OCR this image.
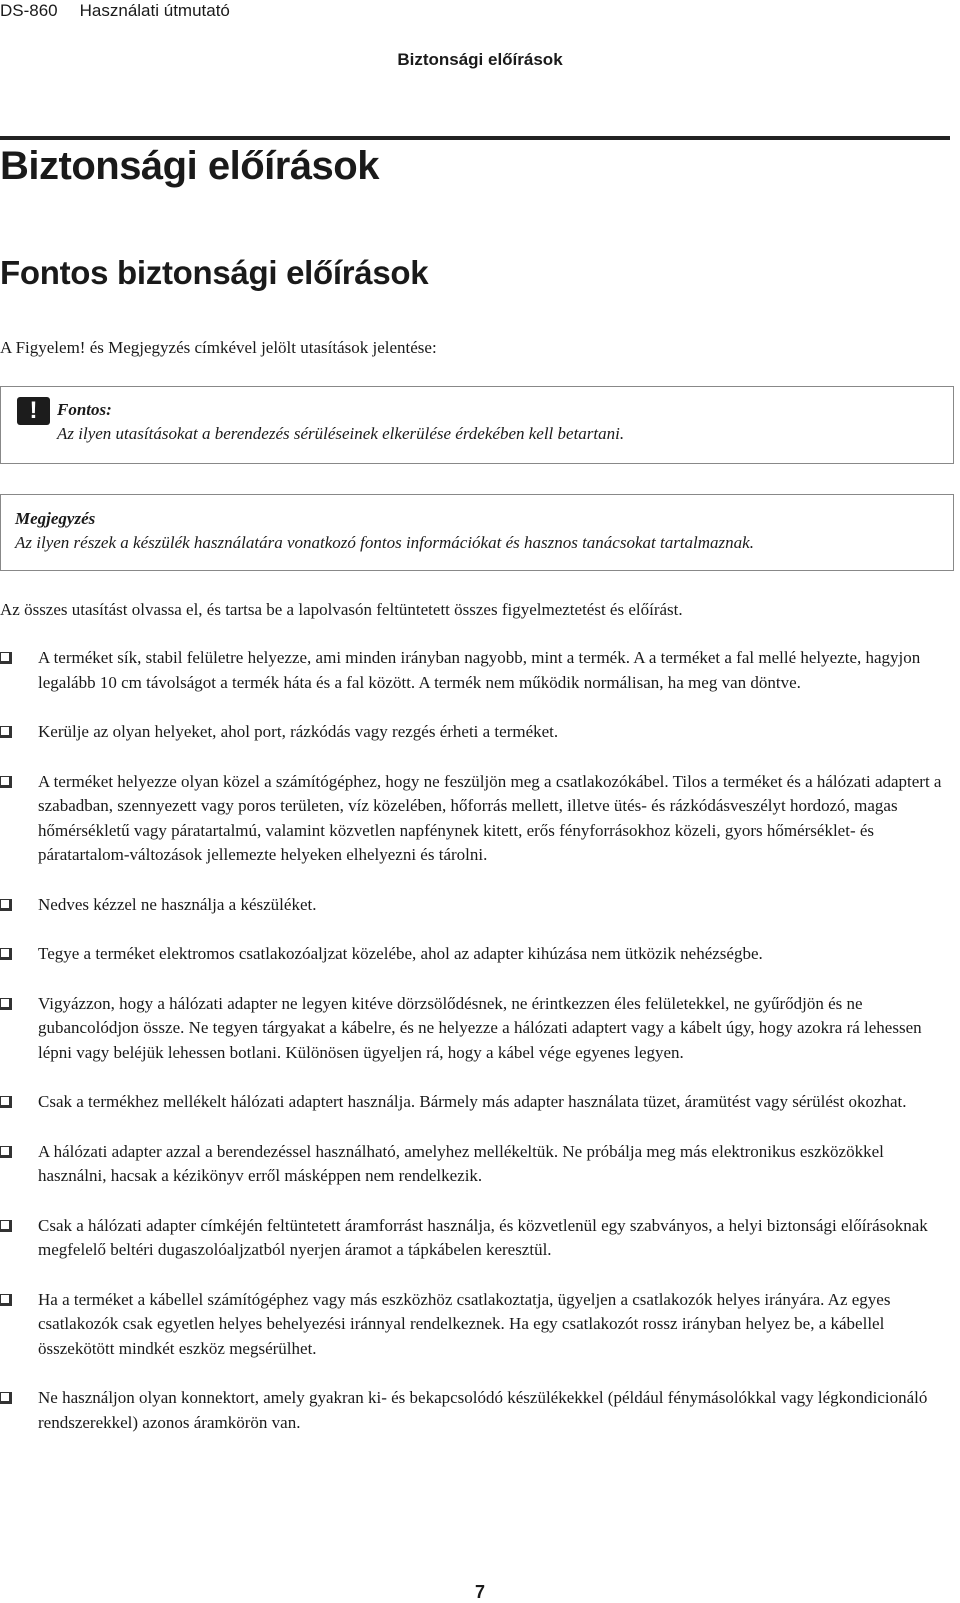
DS-860 Használati útmutató
Biztonsági előírások
Biztonsági előírások
Fontos biztonsági előírások
A Figyelem! és Megjegyzés címkével jelölt utasítások jelentése:
!	Fontos:
Az ilyen utasításokat a berendezés sérüléseinek elkerülése érdekében kell betartani.
Megjegyzés
Az ilyen részek a készülék használatára vonatkozó fontos információkat és hasznos tanácsokat tartalmaznak.
Az összes utasítást olvassa el, és tartsa be a lapolvasón feltüntetett összes figyelmeztetést és előírást.
A terméket sík, stabil felületre helyezze, ami minden irányban nagyobb, mint a termék. A a terméket a fal mellé helyezte, hagyjon legalább 10 cm távolságot a termék háta és a fal között. A termék nem működik normálisan, ha meg van döntve.
Kerülje az olyan helyeket, ahol port, rázkódás vagy rezgés érheti a terméket.
A terméket helyezze olyan közel a számítógéphez, hogy ne feszüljön meg a csatlakozókábel. Tilos a terméket és a hálózati adaptert a szabadban, szennyezett vagy poros területen, víz közelében, hőforrás mellett, illetve ütés- és rázkódásveszélyt hordozó, magas hőmérsékletű vagy páratartalmú, valamint közvetlen napfénynek kitett, erős fényforrásokhoz közeli, gyors hőmérséklet- és páratartalom-változások jellemezte helyeken elhelyezni és tárolni.
Nedves kézzel ne használja a készüléket.
Tegye a terméket elektromos csatlakozóaljzat közelébe, ahol az adapter kihúzása nem ütközik nehézségbe.
Vigyázzon, hogy a hálózati adapter ne legyen kitéve dörzsölődésnek, ne érintkezzen éles felületekkel, ne gyűrődjön és ne gubancolódjon össze. Ne tegyen tárgyakat a kábelre, és ne helyezze a hálózati adaptert vagy a kábelt úgy, hogy azokra rá lehessen lépni vagy beléjük lehessen botlani. Különösen ügyeljen rá, hogy a kábel vége egyenes legyen.
Csak a termékhez mellékelt hálózati adaptert használja. Bármely más adapter használata tüzet, áramütést vagy sérülést okozhat.
A hálózati adapter azzal a berendezéssel használható, amelyhez mellékeltük. Ne próbálja meg más elektronikus eszközökkel használni, hacsak a kézikönyv erről másképpen nem rendelkezik.
Csak a hálózati adapter címkéjén feltüntetett áramforrást használja, és közvetlenül egy szabványos, a helyi biztonsági előírásoknak megfelelő beltéri dugaszolóaljzatból nyerjen áramot a tápkábelen keresztül.
Ha a terméket a kábellel számítógéphez vagy más eszközhöz csatlakoztatja, ügyeljen a csatlakozók helyes irányára. Az egyes csatlakozók csak egyetlen helyes behelyezési iránnyal rendelkeznek. Ha egy csatlakozót rossz irányban helyez be, a kábellel összekötött mindkét eszköz megsérülhet.
Ne használjon olyan konnektort, amely gyakran ki- és bekapcsolódó készülékekkel (például fénymásolókkal vagy légkondicionáló rendszerekkel) azonos áramkörön van.
7
